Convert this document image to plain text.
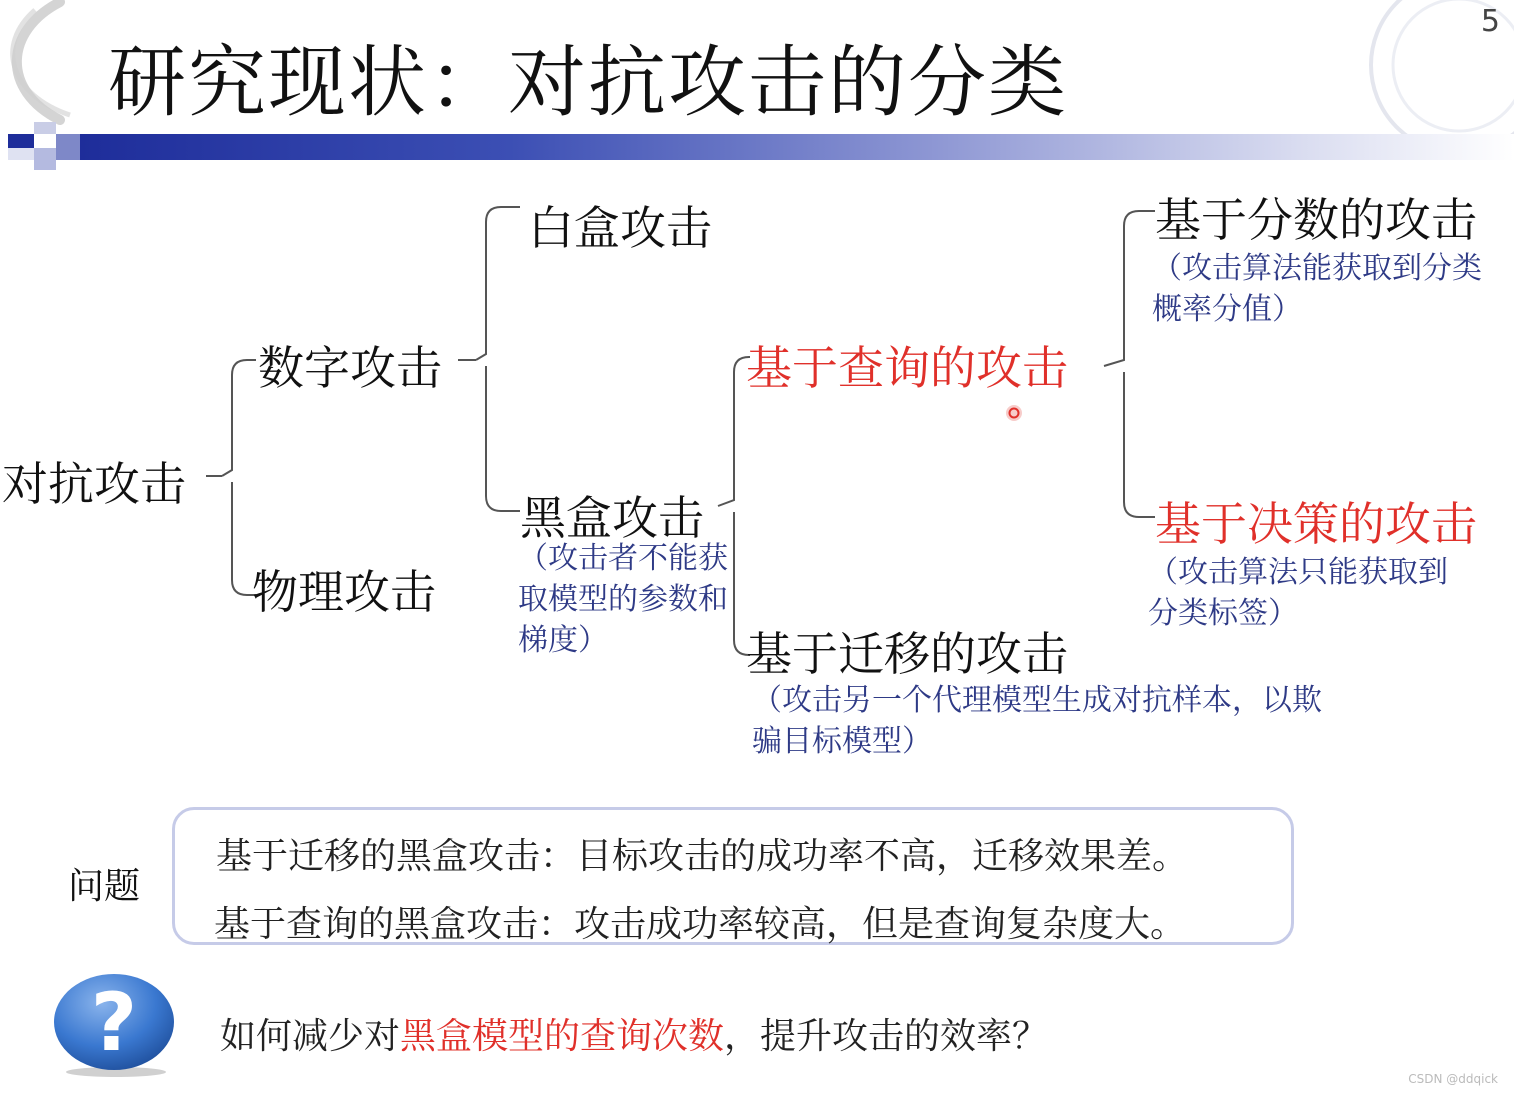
研究现状：对抗攻击的分类
5
对抗攻击
数字攻击
物理攻击
白盒攻击
黑盒攻击
（攻击者不能获取模型的参数和梯度）
基于查询的攻击
基于迁移的攻击
（攻击另一个代理模型生成对抗样本，以欺骗目标模型）
基于分数的攻击
（攻击算法能获取到分类概率分值）
基于决策的攻击
（攻击算法只能获取到分类标签）
问题
基于迁移的黑盒攻击：目标攻击的成功率不高，迁移效果差。
基于查询的黑盒攻击：攻击成功率较高，但是查询复杂度大。
? 如何减少对黑盒模型的查询次数，提升攻击的效率？
CSDN @ddqick
